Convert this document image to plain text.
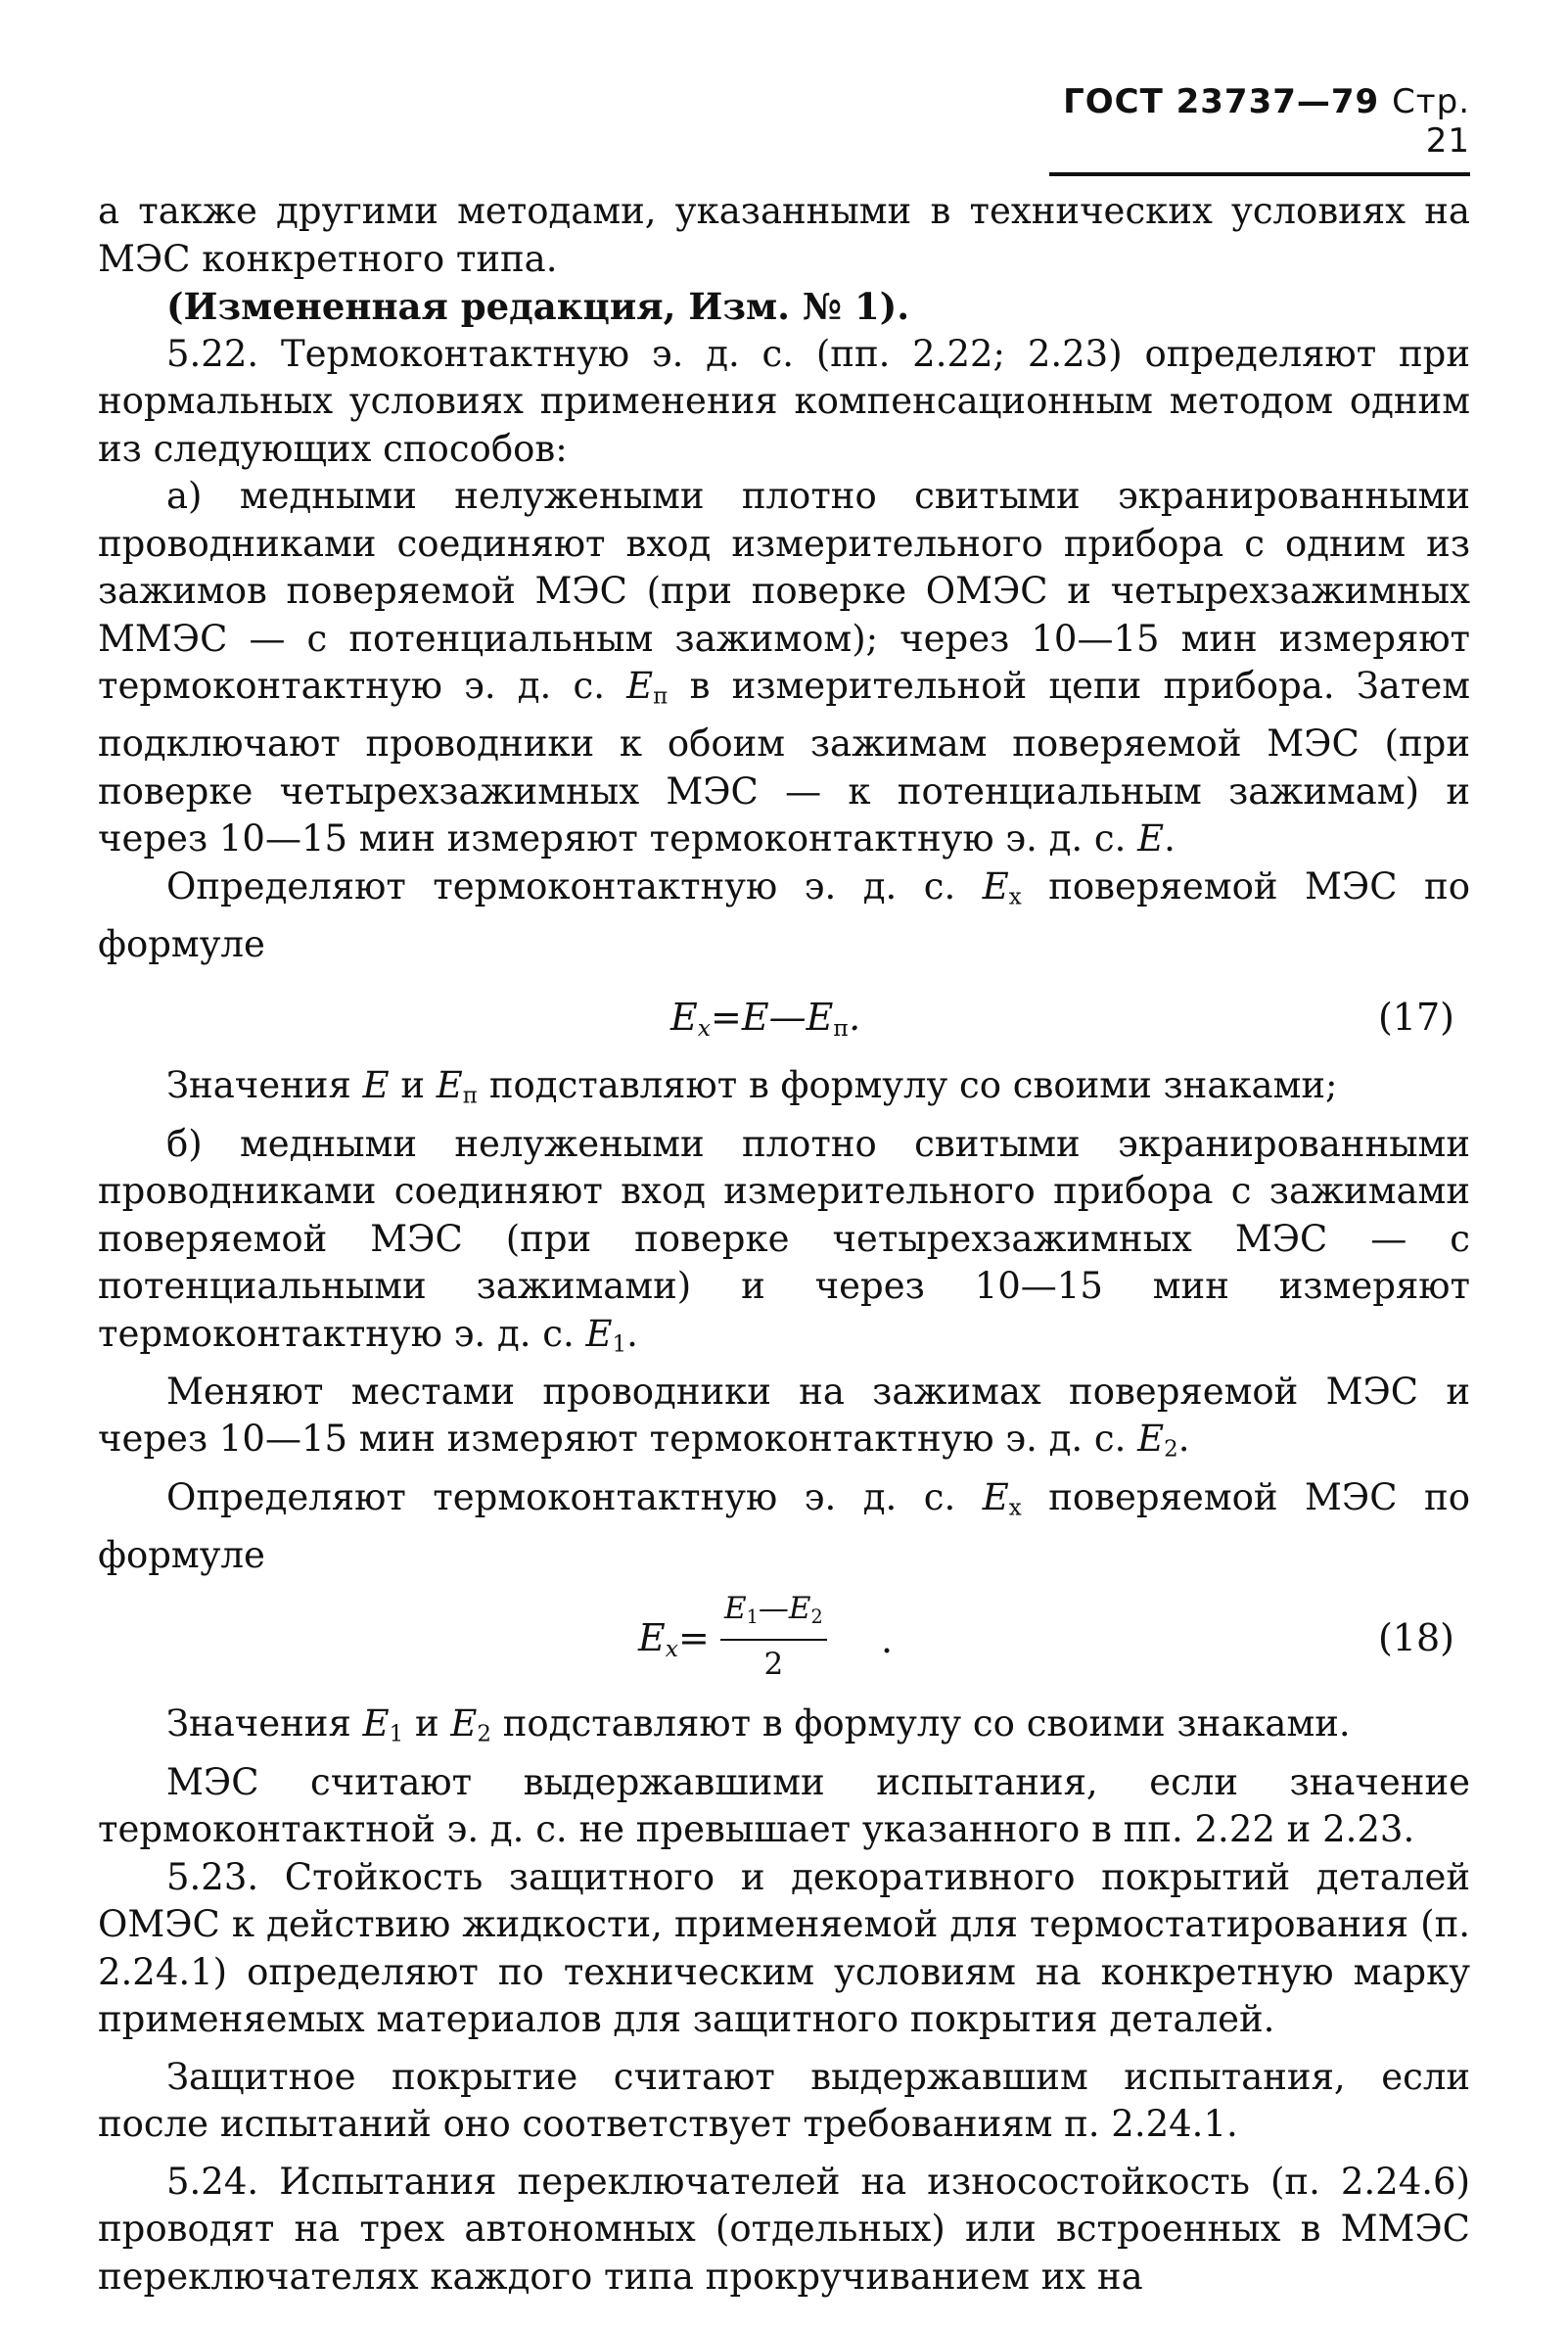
ГОСТ 23737—79 Стр. 21

а также другими методами, указанными в технических условиях на МЭС конкретного типа.

(Измененная редакция, Изм. № 1).

5.22. Термоконтактную э. д. с. (пп. 2.22; 2.23) определяют при нормальных условиях применения компенсационным методом одним из следующих способов:

а) медными нелужеными плотно свитыми экранированными проводниками соединяют вход измерительного прибора с одним из зажимов поверяемой МЭС (при поверке ОМЭС и четырехзажимных ММЭС — с потенциальным зажимом); через 10—15 мин измеряют термоконтактную э. д. с. $E_п$ в измерительной цепи прибора. Затем подключают проводники к обоим зажимам поверяемой МЭС (при поверке четырехзажимных МЭС — к потенциальным зажимам) и через 10—15 мин измеряют термоконтактную э. д. с. E.

Определяют термоконтактную э. д. с. $E_x$ поверяемой МЭС по формуле

$E_x=E—E_п$.	(17)

Значения E и $E_п$ подставляют в формулу со своими знаками;

б) медными нелужеными плотно свитыми экранированными проводниками соединяют вход измерительного прибора с зажимами поверяемой МЭС (при поверке четырехзажимных МЭС — с потенциальными зажимами) и через 10—15 мин измеряют термоконтактную э. д. с. $E_1$.

Меняют местами проводники на зажимах поверяемой МЭС и через 10—15 мин измеряют термоконтактную э. д. с. $E_2$.

Определяют термоконтактную э. д. с. $E_x$ поверяемой МЭС по формуле

$E_x= \frac{E_1—E_2}{2}$ .	(18)

Значения $E_1$ и $E_2$ подставляют в формулу со своими знаками.

МЭС считают выдержавшими испытания, если значение термоконтактной э. д. с. не превышает указанного в пп. 2.22 и 2.23.

5.23. Стойкость защитного и декоративного покрытий деталей ОМЭС к действию жидкости, применяемой для термостатирования (п. 2.24.1) определяют по техническим условиям на конкретную марку применяемых материалов для защитного покрытия деталей.

Защитное покрытие считают выдержавшим испытания, если после испытаний оно соответствует требованиям п. 2.24.1.

5.24. Испытания переключателей на износостойкость (п. 2.24.6) проводят на трех автономных (отдельных) или встроенных в ММЭС переключателях каждого типа прокручиванием их на
